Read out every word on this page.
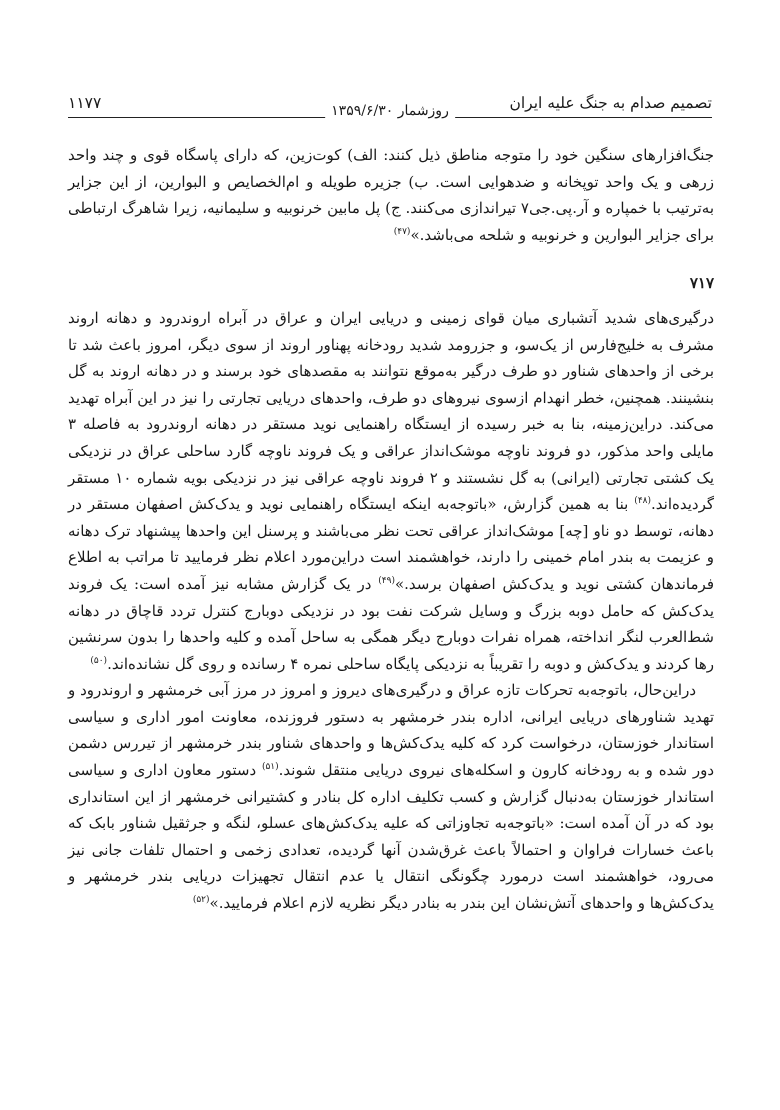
تصمیم صدام به جنگ علیه ایران
روزشمار ۱۳۵۹/۶/۳۰
۱۱۷۷

جنگ‌افزارهای سنگین خود را متوجه مناطق ذیل کنند: الف) کوت‌زین، که دارای پاسگاه قوی و چند واحد زرهی و یک واحد توپخانه و ضدهوایی است. ب) جزیره طویله و ام‌الخصایص و البوارین، از این جزایر به‌ترتیب با خمپاره و آر.پی.جی۷ تیراندازی می‌کنند. ج) پل مابین خرنوبیه و سلیمانیه، زیرا شاهرگ ارتباطی برای جزایر البوارین و خرنوبیه و شلحه می‌باشد.»$^{(۴۷)}$

۷۱۷

درگیری‌های شدید آتشباری میان قوای زمینی و دریایی ایران و عراق در آبراه اروندرود و دهانه اروند مشرف به خلیج‌فارس از یک‌سو، و جزرومد شدید رودخانه پهناور اروند از سوی دیگر، امروز باعث شد تا برخی از واحدهای شناور دو طرف درگیر به‌موقع نتوانند به مقصدهای خود برسند و در دهانه اروند به گل بنشینند. همچنین، خطر انهدام ازسوی نیروهای دو طرف، واحدهای دریایی تجارتی را نیز در این آبراه تهدید می‌کند. دراین‌زمینه، بنا به خبر رسیده از ایستگاه راهنمایی نوید مستقر در دهانه اروندرود به فاصله ۳ مایلی واحد مذکور، دو فروند ناوچه موشک‌انداز عراقی و یک فروند ناوچه گارد ساحلی عراق در نزدیکی یک کشتی تجارتی (ایرانی) به گل نشستند و ۲ فروند ناوچه عراقی نیز در نزدیکی بویه شماره ۱۰ مستقر گردیده‌اند.$^{(۴۸)}$ بنا به همین گزارش، «باتوجه‌به اینکه ایستگاه راهنمایی نوید و یدک‌کش اصفهان مستقر در دهانه، توسط دو ناو [چه] موشک‌انداز عراقی تحت نظر می‌باشند و پرسنل این واحدها پیشنهاد ترک دهانه و عزیمت به بندر امام خمینی را دارند، خواهشمند است دراین‌مورد اعلام نظر فرمایید تا مراتب به اطلاع فرماندهان کشتی نوید و یدک‌کش اصفهان برسد.»$^{(۴۹)}$ در یک گزارش مشابه نیز آمده است: یک فروند یدک‌کش که حامل دوبه بزرگ و وسایل شرکت نفت بود در نزدیکی دوبارج کنترل تردد قاچاق در دهانه شط‌العرب لنگر انداخته، همراه نفرات دوبارج دیگر همگی به ساحل آمده و کلیه واحدها را بدون سرنشین رها کردند و یدک‌کش و دوبه را تقریباً به نزدیکی پایگاه ساحلی نمره ۴ رسانده و روی گل نشانده‌اند.$^{(۵۰)}$

دراین‌حال، باتوجه‌به تحرکات تازه عراق و درگیری‌های دیروز و امروز در مرز آبی خرمشهر و اروندرود و تهدید شناورهای دریایی ایرانی، اداره بندر خرمشهر به دستور فروزنده، معاونت امور اداری و سیاسی استاندار خوزستان، درخواست کرد که کلیه یدک‌کش‌ها و واحدهای شناور بندر خرمشهر از تیررس دشمن دور شده و به رودخانه کارون و اسکله‌های نیروی دریایی منتقل شوند.$^{(۵۱)}$ دستور معاون اداری و سیاسی استاندار خوزستان به‌دنبال گزارش و کسب تکلیف اداره کل بنادر و کشتیرانی خرمشهر از این استانداری بود که در آن آمده است: «باتوجه‌به تجاوزاتی که علیه یدک‌کش‌های عسلو، لنگه و جرثقیل شناور بابک که باعث خسارات فراوان و احتمالاً باعث غرق‌شدن آنها گردیده، تعدادی زخمی و احتمال تلفات جانی نیز می‌رود، خواهشمند است درمورد چگونگی انتقال یا عدم انتقال تجهیزات دریایی بندر خرمشهر و یدک‌کش‌ها و واحدهای آتش‌نشان این بندر به بنادر دیگر نظریه لازم اعلام فرمایید.»$^{(۵۲)}$
